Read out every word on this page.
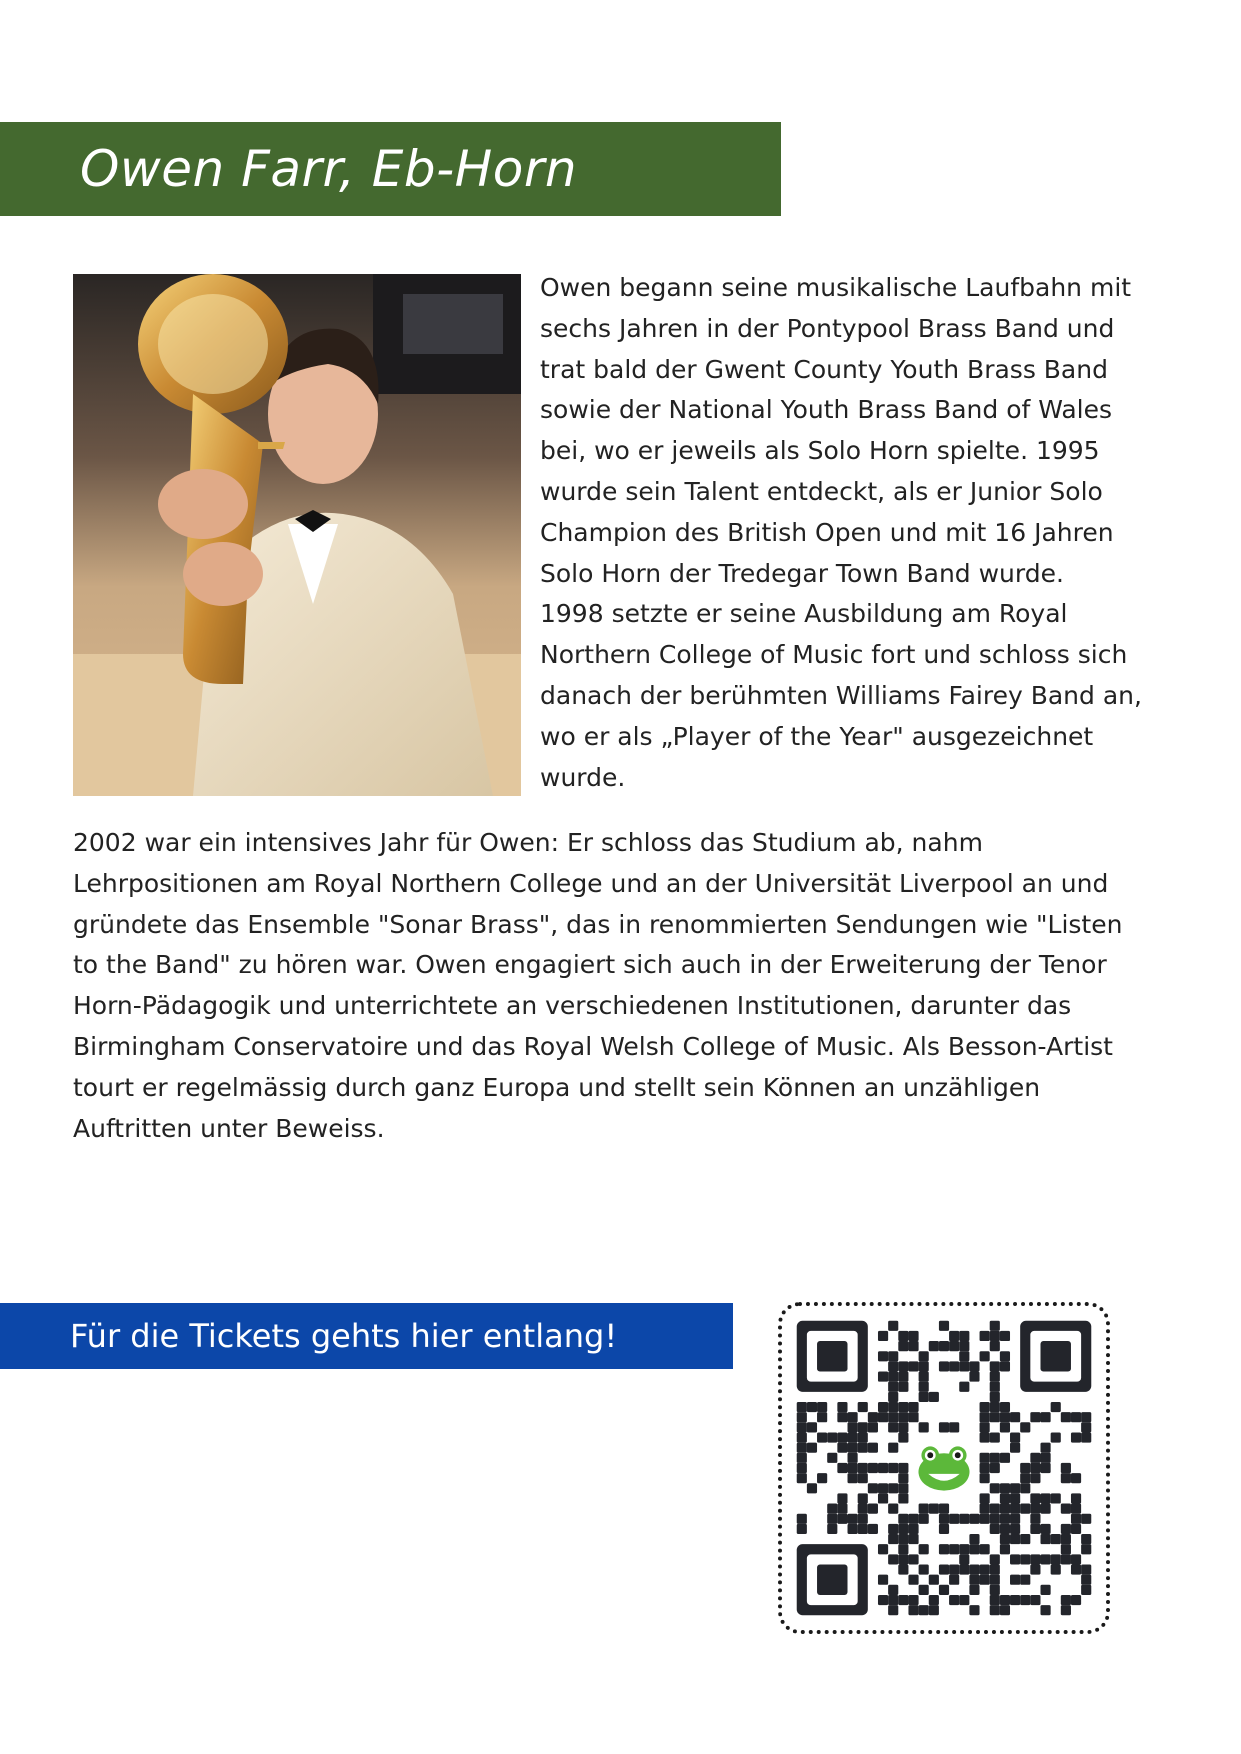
Owen Farr, Eb-Horn

Owen begann seine musikalische Laufbahn mit
sechs Jahren in der Pontypool Brass Band und
trat bald der Gwent County Youth Brass Band
sowie der National Youth Brass Band of Wales
bei, wo er jeweils als Solo Horn spielte. 1995
wurde sein Talent entdeckt, als er Junior Solo
Champion des British Open und mit 16 Jahren
Solo Horn der Tredegar Town Band wurde.
1998 setzte er seine Ausbildung am Royal
Northern College of Music fort und schloss sich
danach der berühmten Williams Fairey Band an,
wo er als „Player of the Year" ausgezeichnet
wurde.

2002 war ein intensives Jahr für Owen: Er schloss das Studium ab, nahm
Lehrpositionen am Royal Northern College und an der Universität Liverpool an und
gründete das Ensemble "Sonar Brass", das in renommierten Sendungen wie "Listen
to the Band" zu hören war. Owen engagiert sich auch in der Erweiterung der Tenor
Horn-Pädagogik und unterrichtete an verschiedenen Institutionen, darunter das
Birmingham Conservatoire und das Royal Welsh College of Music. Als Besson-Artist
tourt er regelmässig durch ganz Europa und stellt sein Können an unzähligen
Auftritten unter Beweiss.

Für die Tickets gehts hier entlang!
